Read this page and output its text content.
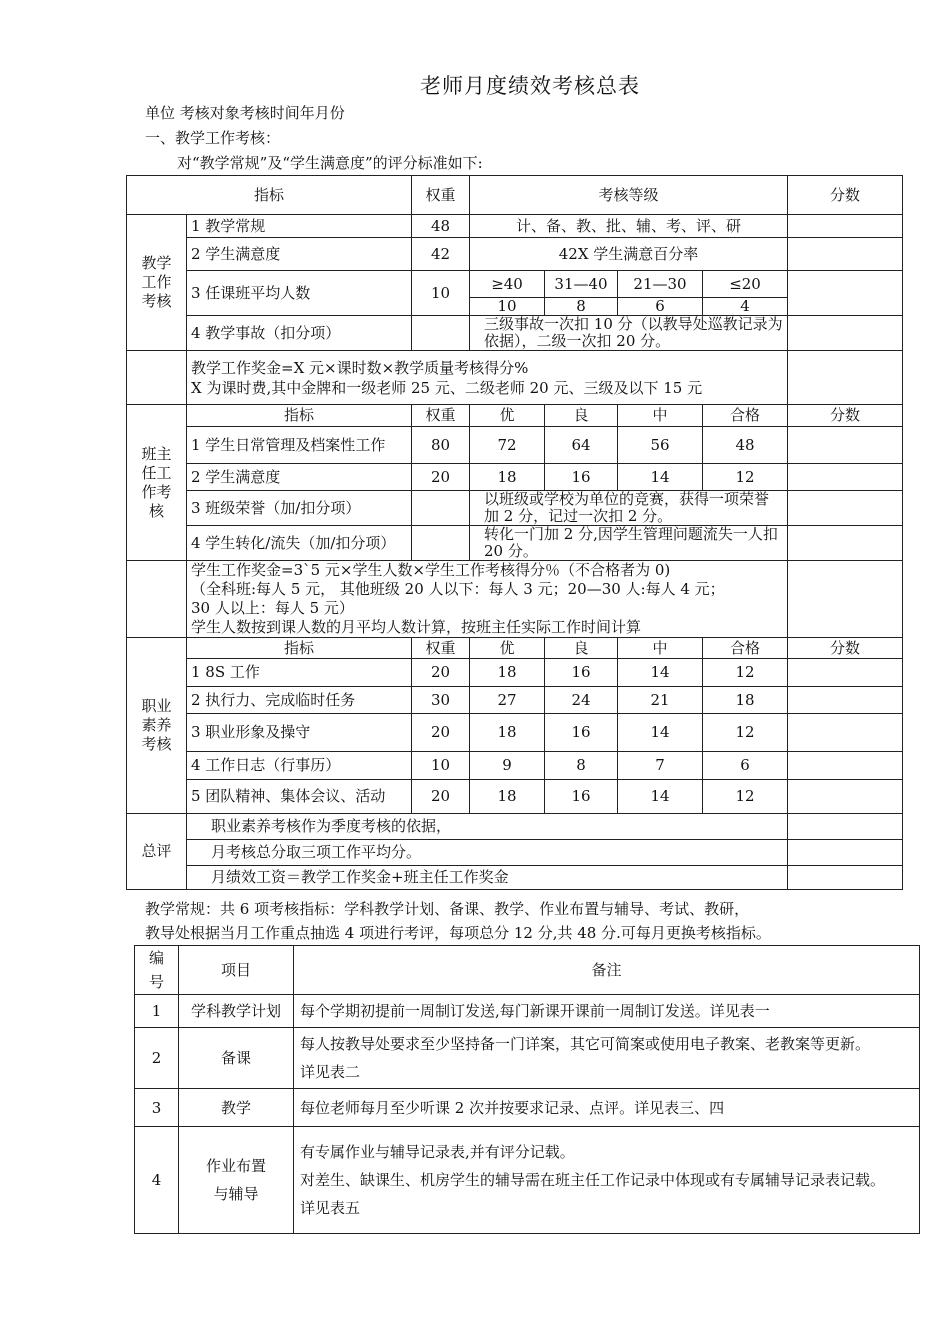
老师月度绩效考核总表
单位 考核对象考核时间年月份
一、教学工作考核：
对“教学常规”及“学生满意度”的评分标准如下:
指标		权重	考核等级				分数
教学工作考核	1 教学常规	48	计、备、教、批、辅、考、评、研				
	2 学生满意度	42	42X 学生满意百分率				
	3 任课班平均人数	10	≥40	31—40	21—30	≤20	
			10	8	6	4	
	4 教学事故（扣分项）		三级事故一次扣 10 分（以教导处巡教记录为依据），二级一次扣 20 分。				

	教学工作奖金=X 元×课时数×教学质量考核得分%
X 为课时费,其中金牌和一级老师 25 元、二级老师 20 元、三级及以下 15 元						

班主任工作考核	指标	权重	优	良	中	合格	分数
	1 学生日常管理及档案性工作	80	72	64	56	48	
	2 学生满意度	20	18	16	14	12	
	3 班级荣誉（加/扣分项）		以班级或学校为单位的竞赛，获得一项荣誉加 2 分，记过一次扣 2 分。				
	4 学生转化/流失（加/扣分项）		转化一门加 2 分,因学生管理问题流失一人扣 20 分。				

	学生工作奖金=3`5 元×学生人数×学生工作考核得分％（不合格者为 0)
（全科班:每人 5 元， 其他班级 20 人以下：每人 3 元；20—30 人:每人 4 元；
30 人以上：每人 5 元）
学生人数按到课人数的月平均人数计算，按班主任实际工作时间计算						

职业素养考核	指标	权重	优	良	中	合格	分数
	1 8S 工作	20	18	16	14	12	
	2 执行力、完成临时任务	30	27	24	21	18	
	3 职业形象及操守	20	18	16	14	12	
	4 工作日志（行事历）	10	9	8	7	6	
	5 团队精神、集体会议、活动	20	18	16	14	12	
总评	职业素养考核作为季度考核的依据，						
	月考核总分取三项工作平均分。						
	月绩效工资＝教学工作奖金+班主任工作奖金						
教学常规：共 6 项考核指标：学科教学计划、备课、教学、作业布置与辅导、考试、教研，
教导处根据当月工作重点抽选 4 项进行考评，每项总分 12 分,共 48 分.可每月更换考核指标。
编号	项目	备注
1	学科教学计划	每个学期初提前一周制订发送,每门新课开课前一周制订发送。详见表一

2	备课	每人按教导处要求至少坚持备一门详案，其它可简案或使用电子教案、老教案等更新。
详见表二

3	教学	每位老师每月至少听课 2 次并按要求记录、点评。详见表三、四

4	作业布置与辅导	有专属作业与辅导记录表,并有评分记载。
对差生、缺课生、机房学生的辅导需在班主任工作记录中体现或有专属辅导记录表记载。
详见表五
